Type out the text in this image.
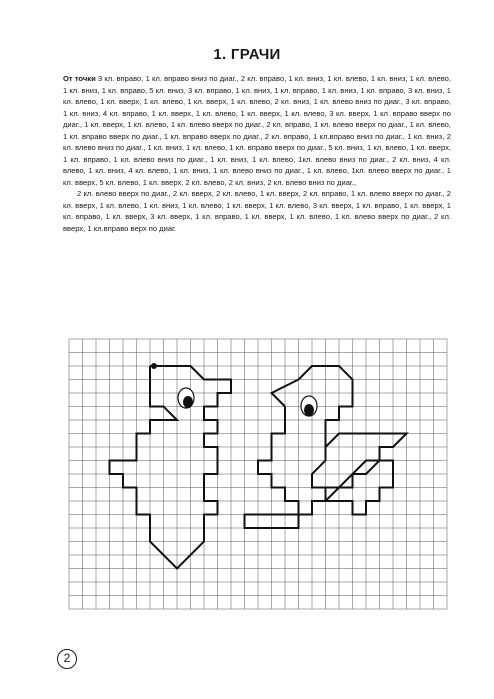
1. ГРАЧИ

От точки 3 кл. вправо, 1 кл. вправо вниз по диаг., 2 кл. вправо, 1 кл. вниз, 1 кл. влево, 1 кл. вниз, 1 кл. влево, 1 кл. вниз, 1 кл. вправо, 5 кл. вниз, 3 кл. вправо, 1 кл. вниз, 1 кл. вправо, 1 кл. вниз, 1 кл. вправо, 3 кл. вниз, 1 кл. влево, 1 кл. вверх, 1 кл. влево, 1 кл. вверх, 1 кл. влево, 2 кл. вниз, 1 кл. влево вниз по диаг., 3 кл. вправо, 1 кл. вниз, 4 кл. вправо, 1 кл. вверх, 1 кл. влево, 1 кл. вверх, 1 кл. влево, 3 кл. вверх, 1 кл. вправо вверх по диаг., 1 кл. вверх, 1 кл. влево, 1 кл. влево вверх по диаг., 2 кл. вправо, 1 кл. влево вверх по диаг., 1 кл. влево, 1 кл. вправо вверх по диаг., 1 кл. вправо вверх по диаг., 2 кл. вправо, 1 кл.вправо вниз по диаг., 1 кл. вниз, 2 кл. влево вниз по диаг., 1 кл. вниз, 1 кл. влево, 1 кл. вправо вверх по диаг., 5 кл. вниз, 1 кл. влево, 1 кл. вверх, 1 кл. вправо, 1 кл. влево вниз по диаг., 1 кл. вниз, 1 кл. влево, 1кл. влево вниз по диаг., 2 кл. вниз, 4 кл. влево, 1 кл. вниз, 4 кл. влево, 1 кл. вниз, 1 кл. влево вниз по диаг., 1 кл. влево, 1кл. влево вверх по диаг., 1 кл. вверх, 5 кл. влево, 1 кл. вверх, 2 кл. влево, 2 кл. вниз, 2 кл. влево вниз по диаг.,

2 кл. влево вверх по диаг., 2 кл. вверх, 2 кл. влево, 1 кл. вверх, 2 кл. вправо, 1 кл. влево вверх по диаг., 2 кл. вверх, 1 кл. влево, 1 кл. вниз, 1 кл. влево, 1 кл. вверх, 1 кл. влево, 3 кл. вверх, 1 кл. вправо, 1 кл. вверх, 1 кл. вправо, 1 кл. вверх, 3 кл. вверх, 1 кл. вправо, 1 кл. вверх, 1 кл. влево, 1 кл. влево вверх по диаг., 2 кл. вверх, 1 кл.вправо верх по диаг.

2
